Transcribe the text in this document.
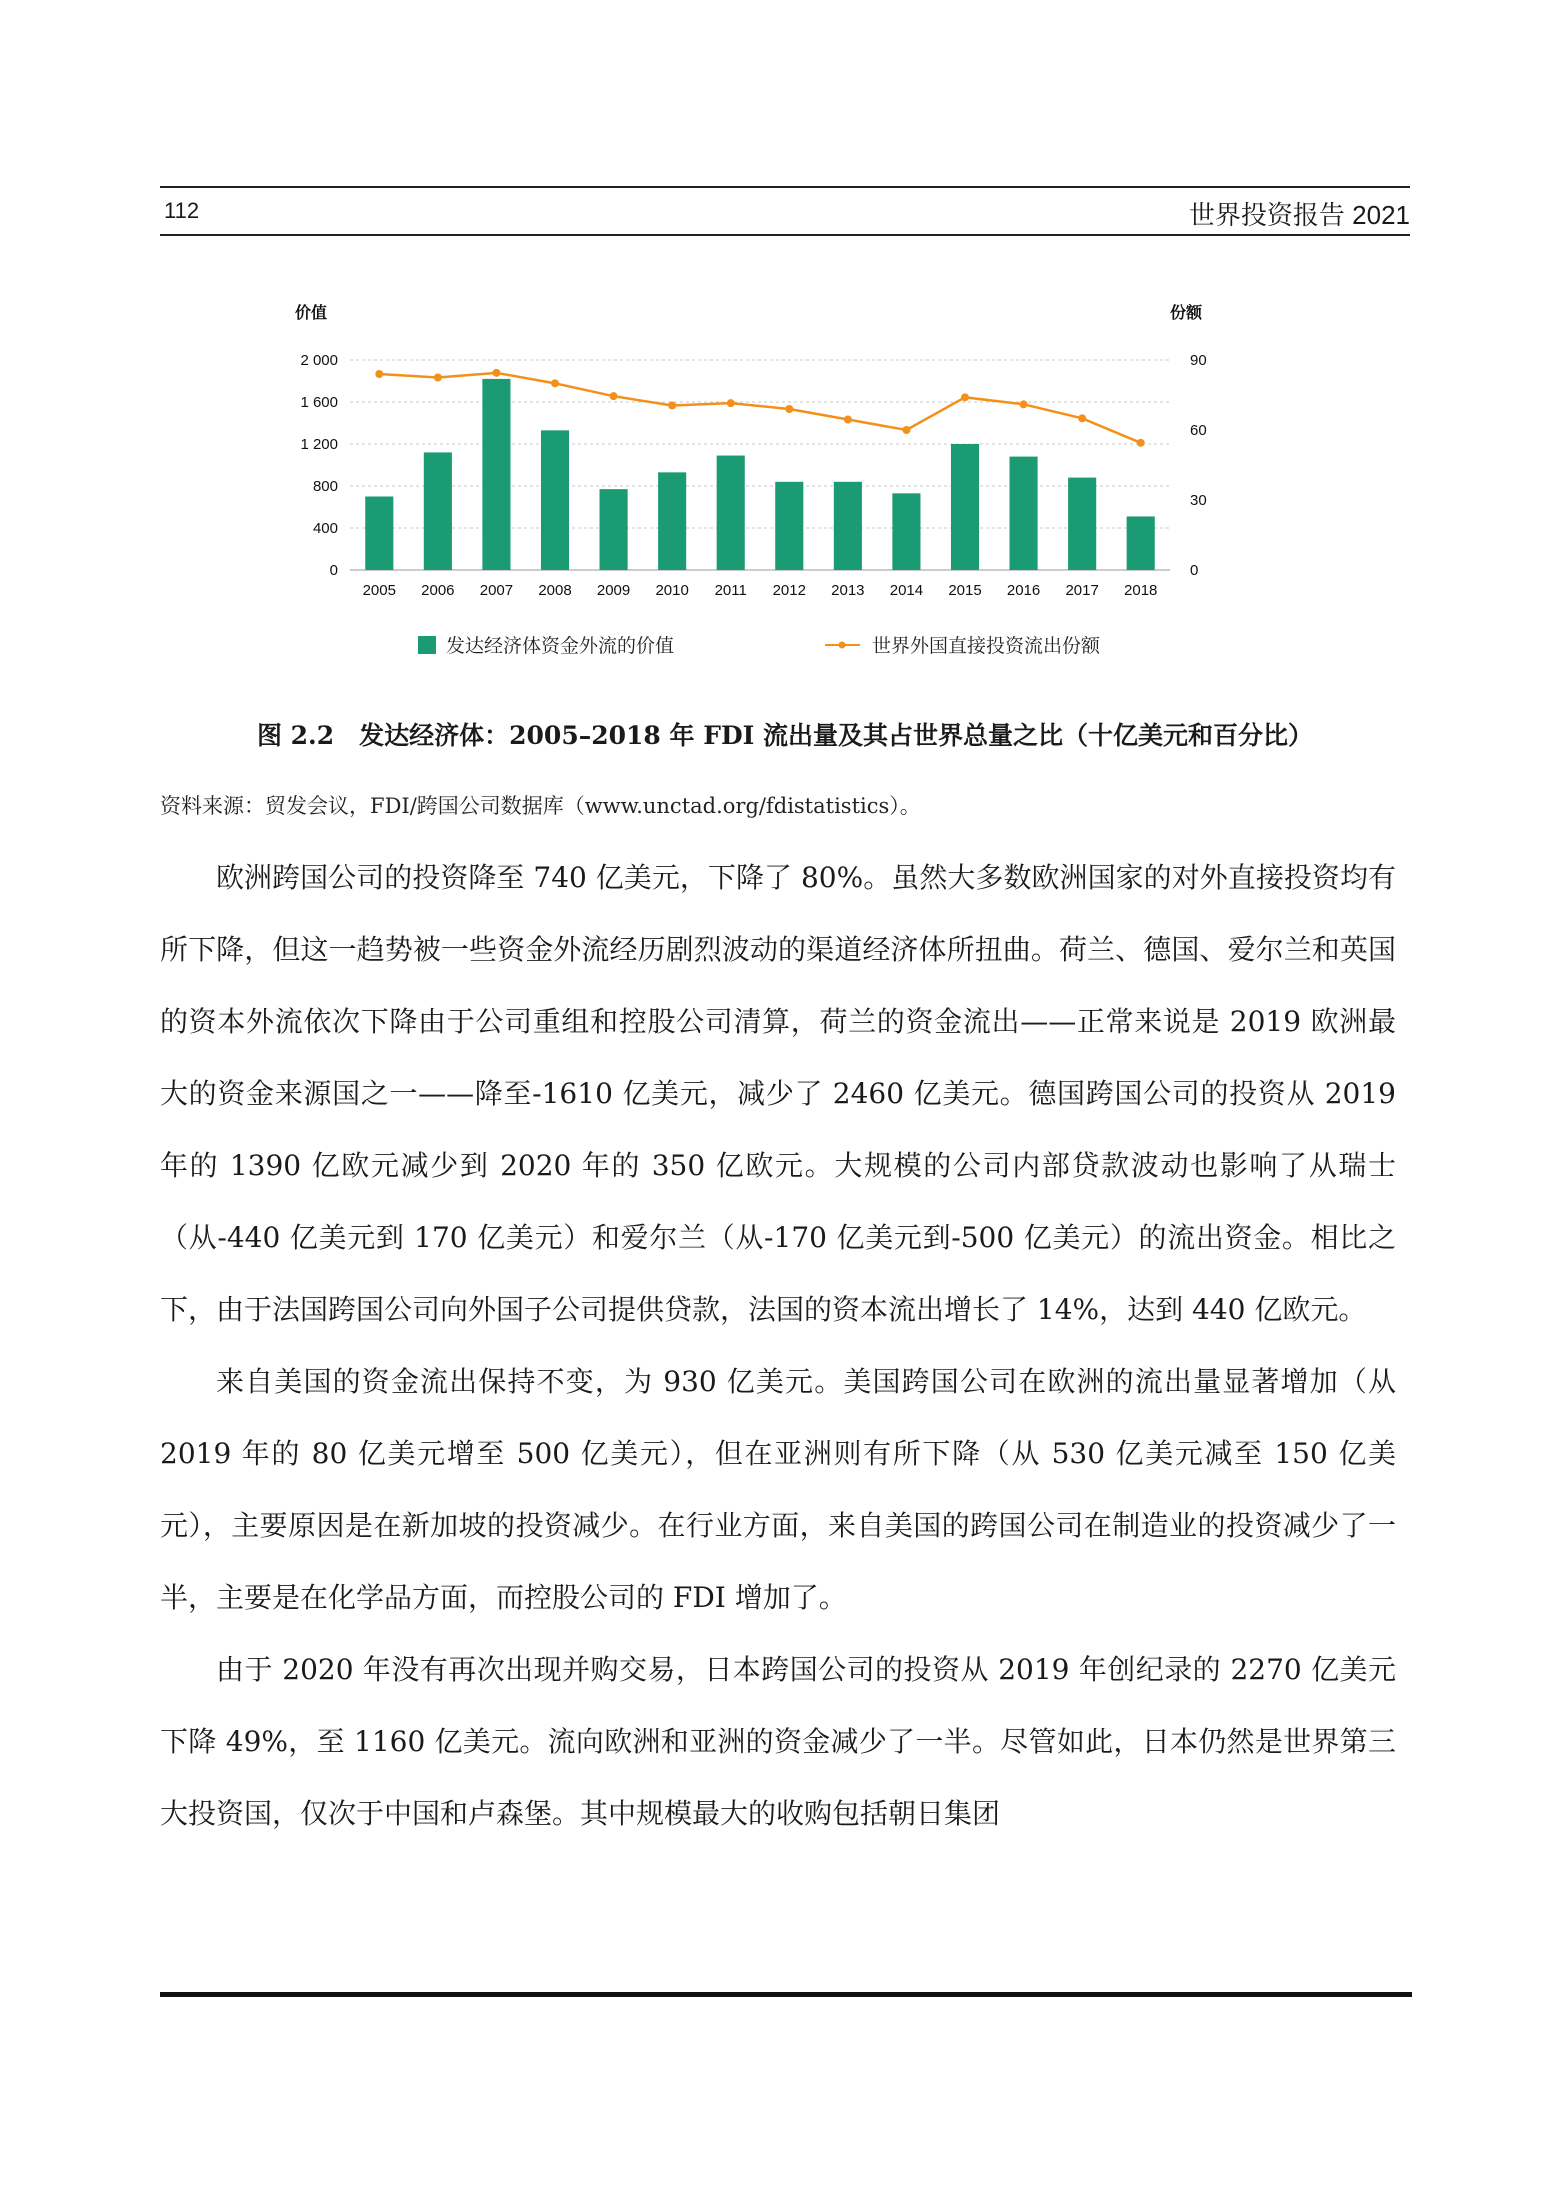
112	世界投资报告 2021
0
400
800
1 200
1 600
2 000
0
30
60
90
2005 2006 2007 2008 2009 2010 2011 2012 2013 2014 2015 2016 2017 2018
价值	份额
发达经济体资金外流的价值	世界外国直接投资流出份额
图 2.2　发达经济体：2005–2018 年 FDI 流出量及其占世界总量之比（十亿美元和百分比）
资料来源：贸发会议，FDI/跨国公司数据库（www.unctad.org/fdistatistics）。

欧洲跨国公司的投资降至 740 亿美元，下降了 80%。虽然大多数欧洲国家的对外直接投资均有所下降，但这一趋势被一些资金外流经历剧烈波动的渠道经济体所扭曲。荷兰、德国、爱尔兰和英国的资本外流依次下降由于公司重组和控股公司清算，荷兰的资金流出——正常来说是 2019 欧洲最大的资金来源国之一——降至-1610 亿美元，减少了 2460 亿美元。德国跨国公司的投资从 2019 年的 1390 亿欧元减少到 2020 年的 350 亿欧元。大规模的公司内部贷款波动也影响了从瑞士（从-440 亿美元到 170 亿美元）和爱尔兰（从-170 亿美元到-500 亿美元）的流出资金。相比之下，由于法国跨国公司向外国子公司提供贷款，法国的资本流出增长了 14%，达到 440 亿欧元。

来自美国的资金流出保持不变，为 930 亿美元。美国跨国公司在欧洲的流出量显著增加（从 2019 年的 80 亿美元增至 500 亿美元），但在亚洲则有所下降（从 530 亿美元减至 150 亿美元），主要原因是在新加坡的投资减少。在行业方面，来自美国的跨国公司在制造业的投资减少了一半，主要是在化学品方面，而控股公司的 FDI 增加了。

由于 2020 年没有再次出现并购交易，日本跨国公司的投资从 2019 年创纪录的 2270 亿美元下降 49%，至 1160 亿美元。流向欧洲和亚洲的资金减少了一半。尽管如此，日本仍然是世界第三大投资国，仅次于中国和卢森堡。其中规模最大的收购包括朝日集团
